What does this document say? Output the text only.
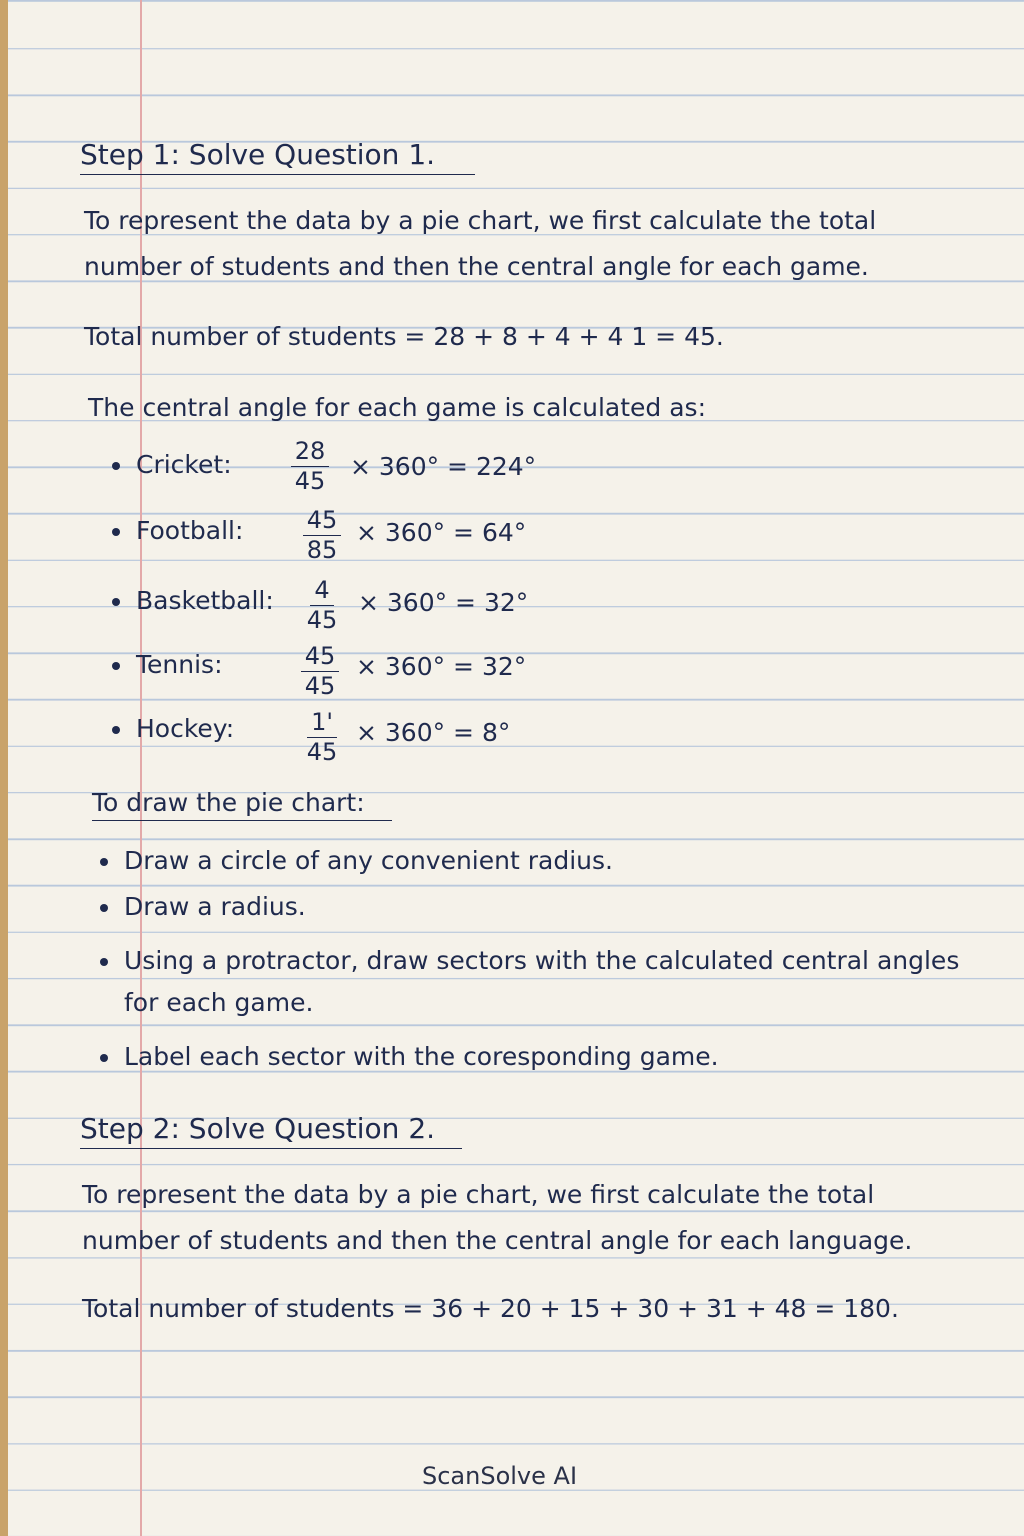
Step 1: Solve Question 1.
To represent the data by a pie chart, we first calculate the total
number of students and then the central angle for each game.
Total number of students = 28 + 8 + 4 + 4 1 = 45.
The central angle for each game is calculated as:
Cricket: $\frac{28}{45} \times 360^\circ = 224^\circ$
Football: $\frac{45}{85} \times 360^\circ = 64^\circ$
Basketball: $\frac{4}{45} \times 360^\circ = 32^\circ$
Tennis:	$\frac{45}{45} \times 360^\circ = 32^\circ$
Hockey: $\frac{1'}{45} \times 360^\circ = 8^\circ$
To draw the pie chart:
Draw a circle of any convenient radius.
Draw a radius.
Using a protractor, draw sectors with the calculated central angles
for each game.
Label each sector with the coresponding game.
Step 2: Solve Question 2.
To represent the data by a pie chart, we first calculate the total
number of students and then the central angle for each language.
Total number of students = 36 + 20 + 15 + 30 + 31 + 48 = 180.
ScanSolve AI
